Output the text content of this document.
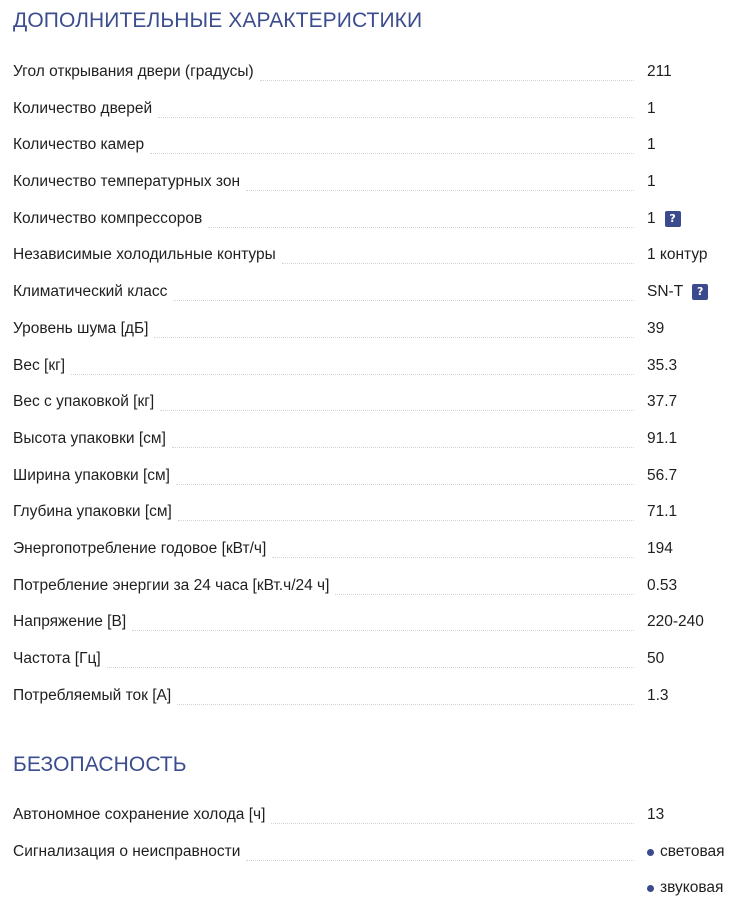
ДОПОЛНИТЕЛЬНЫЕ ХАРАКТЕРИСТИКИ
Угол открывания двери (градусы)	211
Количество дверей	1
Количество камер	1
Количество температурных зон	1
Количество компрессоров	1	?
Независимые холодильные контуры	1 контур
Климатический класс	SN-T	?
Уровень шума [дБ]	39
Вес [кг]	35.3
Вес с упаковкой [кг]	37.7
Высота упаковки [см]	91.1
Ширина упаковки [см]	56.7
Глубина упаковки [см]	71.1
Энергопотребление годовое [кВт/ч]	194
Потребление энергии за 24 часа [кВт.ч/24 ч]	0.53
Напряжение [В]	220-240
Частота [Гц]	50
Потребляемый ток [А]	1.3
БЕЗОПАСНОСТЬ
Автономное сохранение холода [ч]	13
Сигнализация о неисправности	световая
звуковая
